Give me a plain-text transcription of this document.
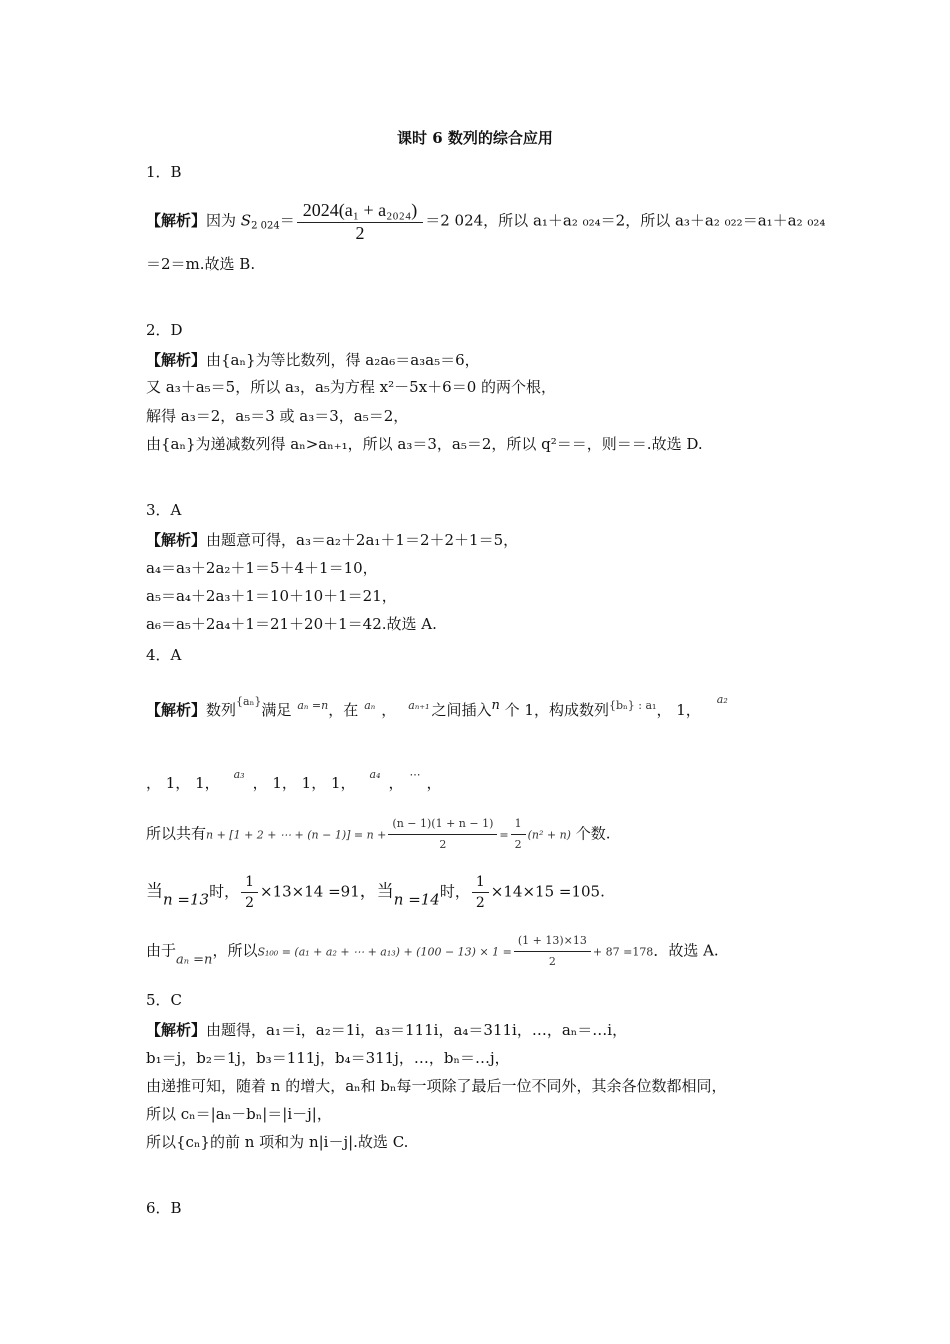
课时 6 数列的综合应用
1．B
【解析】因为 $S_{2 024}= \frac{\text{2024(a₁ + a₂₀₂₄)}}{2} =2$ 024，所以 a₁＋a₂ ₀₂₄＝2，所以 a₃＋a₂ ₀₂₂＝a₁＋a₂ ₀₂₄
＝2＝m.故选 B.
2．D
【解析】由{aₙ}为等比数列，得 a₂a₆＝a₃a₅＝6，
又 a₃＋a₅＝5，所以 a₃，a₅为方程 x²－5x＋6＝0 的两个根，
解得 a₃＝2，a₅＝3 或 a₃＝3，a₅＝2，
由{aₙ}为递减数列得 aₙ>aₙ₊₁，所以 a₃＝3，a₅＝2，所以 q²＝＝，则＝＝.故选 D.
3．A
【解析】由题意可得，a₃＝a₂＋2a₁＋1＝2＋2＋1＝5，
a₄＝a₃＋2a₂＋1＝5＋4＋1＝10，
a₅＝a₄＋2a₃＋1＝10＋10＋1＝21，
a₆＝a₅＋2a₄＋1＝21＋20＋1＝42.故选 A.
4．A
【解析】数列$^{\{a_n\}}$满足 $^{a_n =n}$，在 $^{a_n}$ ， $^{a_{n+1}}$ 之间插入n 个 1，构成数列$^{\{b_n\} : a_1}$， 1，$^{a_2}$
， 1， 1， $^{a_3}$ ， 1， 1， 1， $^{a_4}$ ， ⋯ ，
所以共有n + [1 + 2 + ⋯ + $(n - 1)] = n + \frac{(n - 1)(1 + n - 1)}{2} = \frac{1}{2} (n^2 + n)$ 个数.
当n =13时， $\frac{1}{2} \times 13\times 14 =91$，当n =14时， $\frac{1}{2} \times 14\times 15 =105$.
由于aₙ =n，所以S₁₀₀ = (a₁ + a₂ + ⋯ + $a_{13}) + (100 - 13) \times 1 = \frac{(1 + 13)\times 13}{2} + 87 =178$．故选 A.
5．C
【解析】由题得，a₁＝i，a₂＝1i，a₃＝111i，a₄＝311i，…，aₙ＝…i，
b₁＝j，b₂＝1j，b₃＝111j，b₄＝311j，…，bₙ＝…j，
由递推可知，随着 n 的增大，aₙ和 bₙ每一项除了最后一位不同外，其余各位数都相同，
所以 cₙ＝|aₙ－bₙ|＝|i－j|，
所以{cₙ}的前 n 项和为 n|i－j|.故选 C.
6．B
